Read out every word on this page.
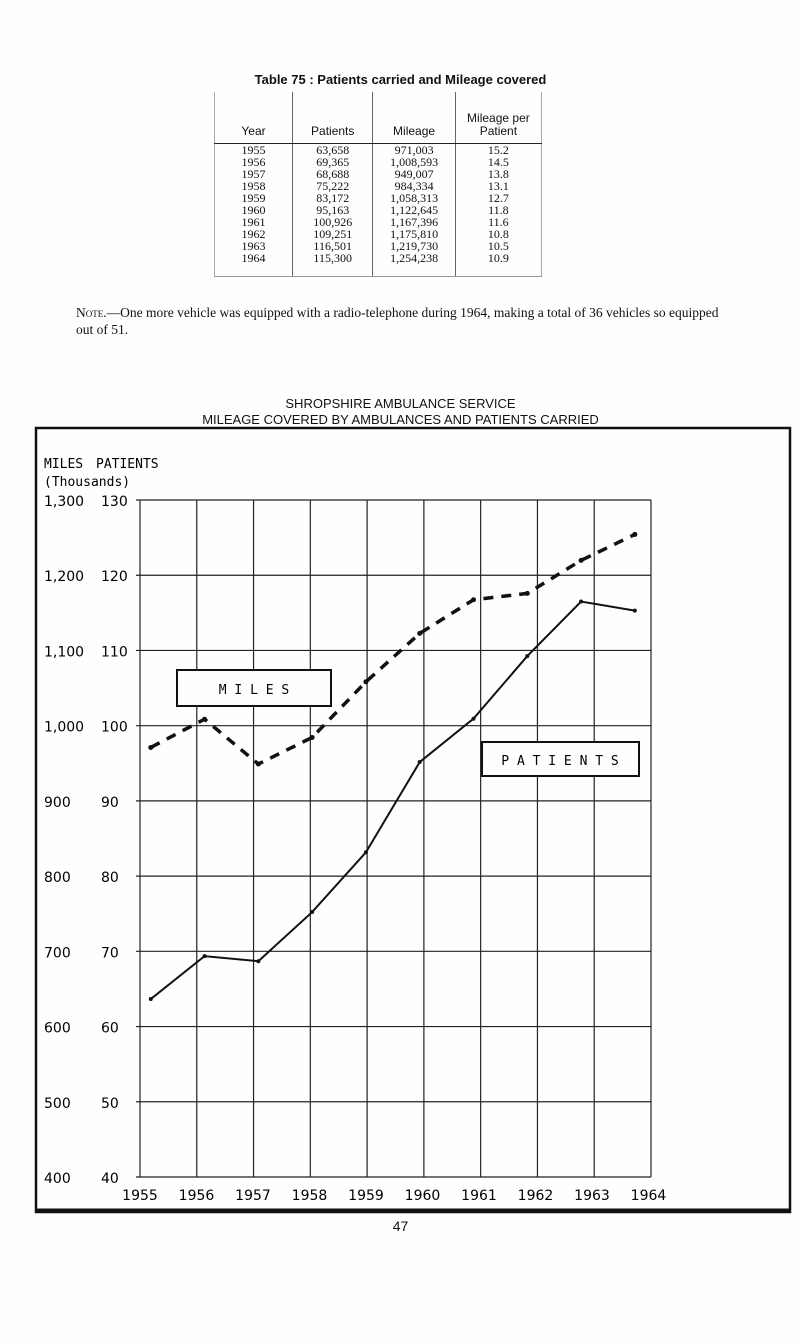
Table 75 : Patients carried and Mileage covered
Year	Patients	Mileage	Mileage per
Patient
1955	63,658	971,003	15.2
1956	69,365	1,008,593	14.5
1957	68,688	949,007	13.8
1958	75,222	984,334	13.1
1959	83,172	1,058,313	12.7
1960	95,163	1,122,645	11.8
1961	100,926	1,167,396	11.6
1962	109,251	1,175,810	10.8
1963	116,501	1,219,730	10.5
1964	115,300	1,254,238	10.9
Note.—One more vehicle was equipped with a radio-telephone during 1964, making a total of 36 vehicles so equipped out of 51.
SHROPSHIRE AMBULANCE SERVICE
MILEAGE COVERED BY AMBULANCES AND PATIENTS CARRIED
MILES PATIENTS
(Thousands)
1,300
1,200
1,100
1,000
900
800
700
600
500
400
130
120
110
100
90
80
70
60
50
40
1955 1956 1957 1958 1959 1960 1961 1962 1963 1964
M I L E S
P A T I E N T S
47
